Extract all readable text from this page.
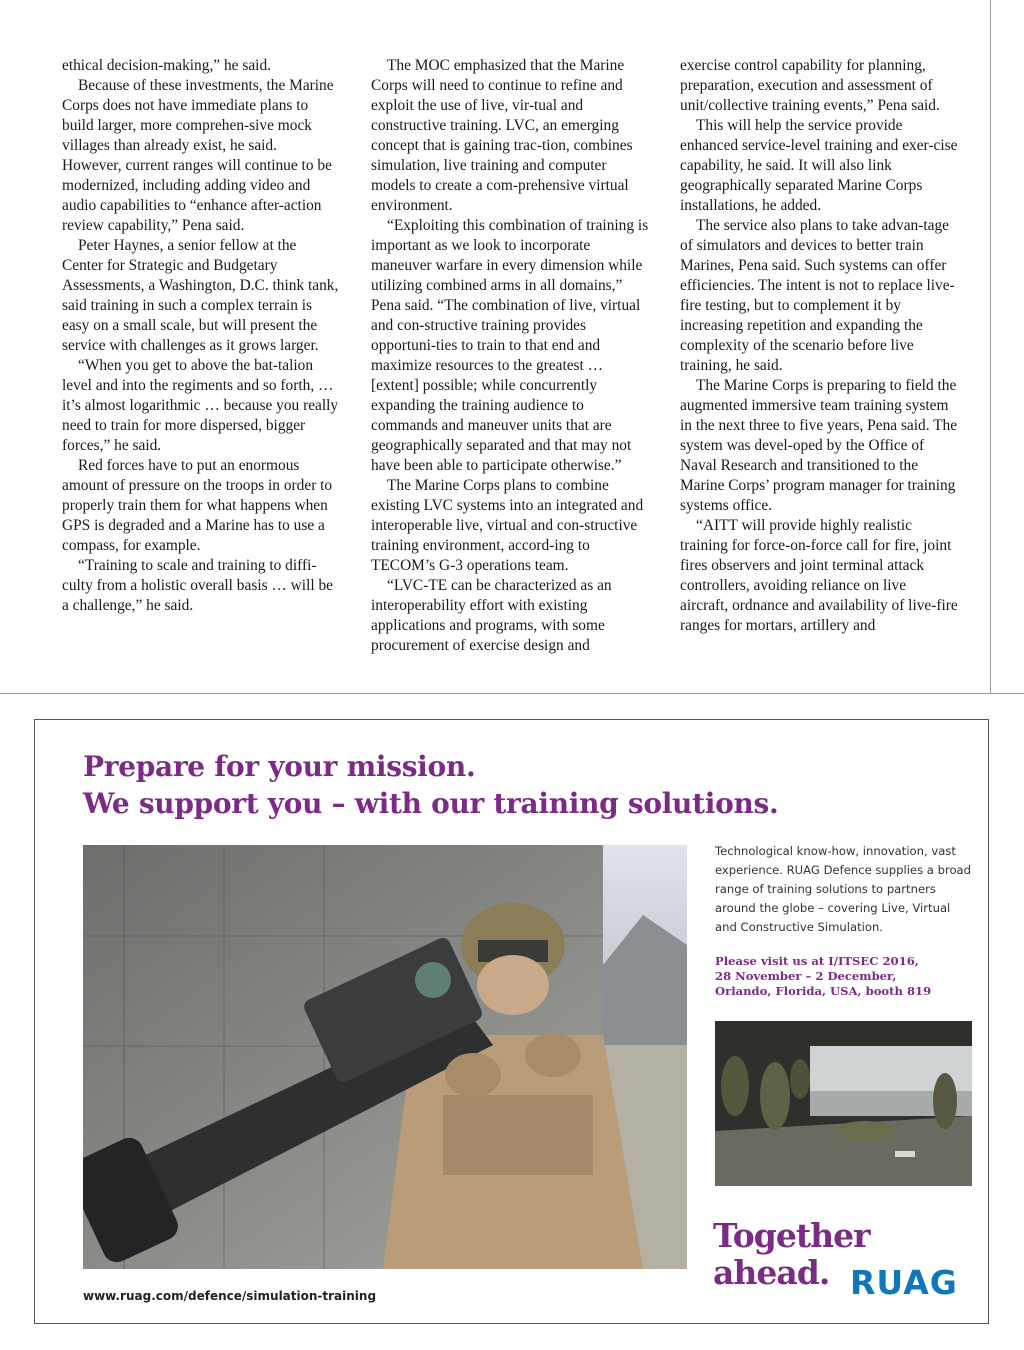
ethical decision-making,” he said.

Because of these investments, the Marine Corps does not have immediate plans to build larger, more comprehen-sive mock villages than already exist, he said. However, current ranges will continue to be modernized, including adding video and audio capabilities to “enhance after-action review capability,” Pena said.

Peter Haynes, a senior fellow at the Center for Strategic and Budgetary Assessments, a Washington, D.C. think tank, said training in such a complex terrain is easy on a small scale, but will present the service with challenges as it grows larger.

“When you get to above the bat-talion level and into the regiments and so forth, … it’s almost logarithmic … because you really need to train for more dispersed, bigger forces,” he said.

Red forces have to put an enormous amount of pressure on the troops in order to properly train them for what happens when GPS is degraded and a Marine has to use a compass, for example.

“Training to scale and training to diffi-culty from a holistic overall basis … will be a challenge,” he said.

The MOC emphasized that the Marine Corps will need to continue to refine and exploit the use of live, vir-tual and constructive training. LVC, an emerging concept that is gaining trac-tion, combines simulation, live training and computer models to create a com-prehensive virtual environment.

“Exploiting this combination of training is important as we look to incorporate maneuver warfare in every dimension while utilizing combined arms in all domains,” Pena said. “The combination of live, virtual and con-structive training provides opportuni-ties to train to that end and maximize resources to the greatest … [extent] possible; while concurrently expanding the training audience to commands and maneuver units that are geographically separated and that may not have been able to participate otherwise.”

The Marine Corps plans to combine existing LVC systems into an integrated and interoperable live, virtual and con-structive training environment, accord-ing to TECOM’s G-3 operations team.

“LVC-TE can be characterized as an interoperability effort with existing applications and programs, with some procurement of exercise design and

exercise control capability for planning, preparation, execution and assessment of unit/collective training events,” Pena said.

This will help the service provide enhanced service-level training and exer-cise capability, he said. It will also link geographically separated Marine Corps installations, he added.

The service also plans to take advan-tage of simulators and devices to better train Marines, Pena said. Such systems can offer efficiencies. The intent is not to replace live-fire testing, but to complement it by increasing repetition and expanding the complexity of the scenario before live training, he said.

The Marine Corps is preparing to field the augmented immersive team training system in the next three to five years, Pena said. The system was devel-oped by the Office of Naval Research and transitioned to the Marine Corps’ program manager for training systems office.

“AITT will provide highly realistic training for force-on-force call for fire, joint fires observers and joint terminal attack controllers, avoiding reliance on live aircraft, ordnance and availability of live-fire ranges for mortars, artillery and

Prepare for your mission.
We support you – with our training solutions.

Technological know-how, innovation, vast experience. RUAG Defence supplies a broad range of training solutions to partners around the globe – covering Live, Virtual and Constructive Simulation.

Please visit us at I/ITSEC 2016,
28 November – 2 December,
Orlando, Florida, USA, booth 819

Together
ahead. RUAG

www.ruag.com/defence/simulation-training
